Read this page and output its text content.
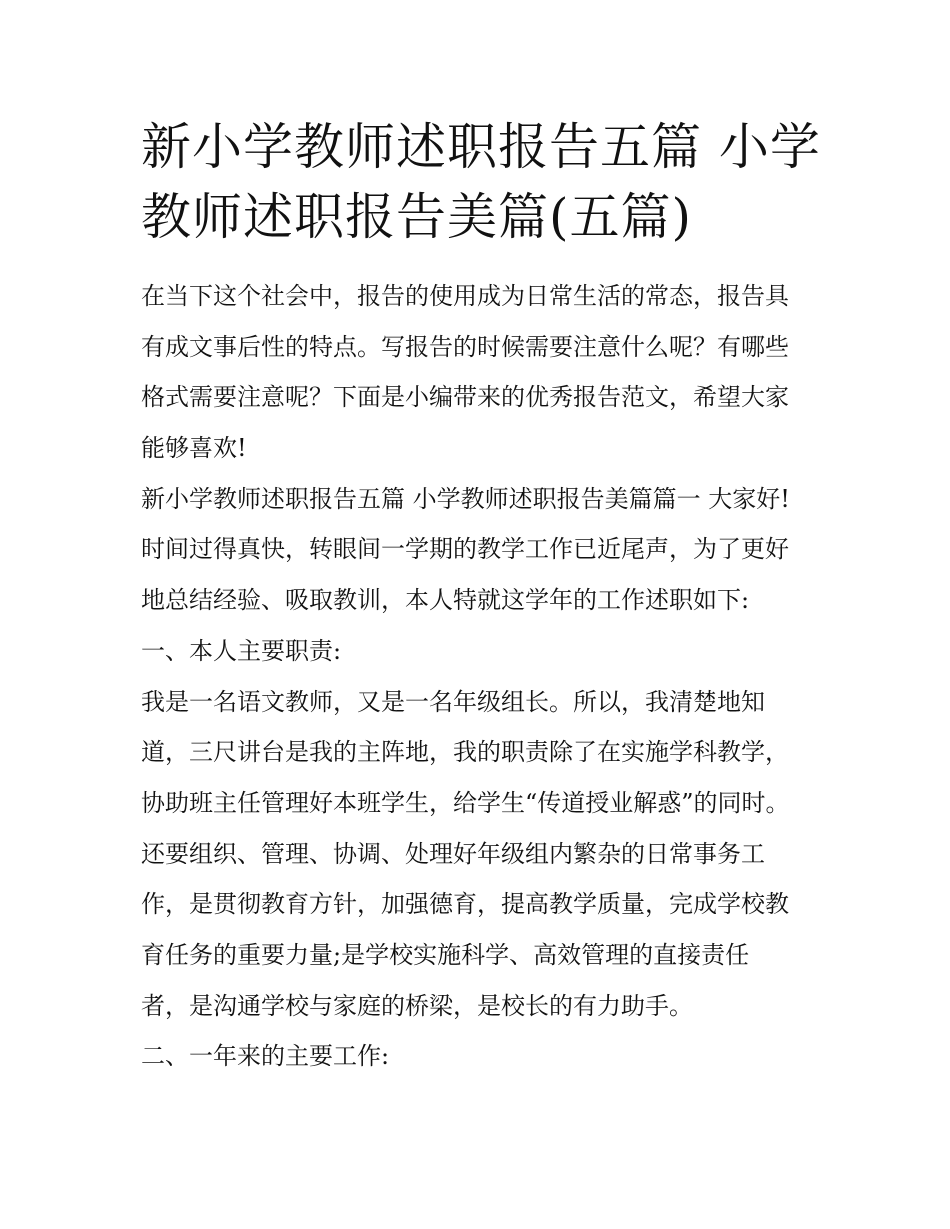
新小学教师述职报告五篇 小学

教师述职报告美篇(五篇)

在当下这个社会中，报告的使用成为日常生活的常态，报告具

有成文事后性的特点。写报告的时候需要注意什么呢？有哪些

格式需要注意呢？下面是小编带来的优秀报告范文，希望大家

能够喜欢!

新小学教师述职报告五篇 小学教师述职报告美篇篇一 大家好!

时间过得真快，转眼间一学期的教学工作已近尾声，为了更好

地总结经验、吸取教训，本人特就这学年的工作述职如下:

一、本人主要职责:

我是一名语文教师，又是一名年级组长。所以，我清楚地知

道，三尺讲台是我的主阵地，我的职责除了在实施学科教学，

协助班主任管理好本班学生，给学生“传道授业解惑”的同时。

还要组织、管理、协调、处理好年级组内繁杂的日常事务工

作，是贯彻教育方针，加强德育，提高教学质量，完成学校教

育任务的重要力量;是学校实施科学、高效管理的直接责任

者，是沟通学校与家庭的桥梁，是校长的有力助手。

二、一年来的主要工作:
